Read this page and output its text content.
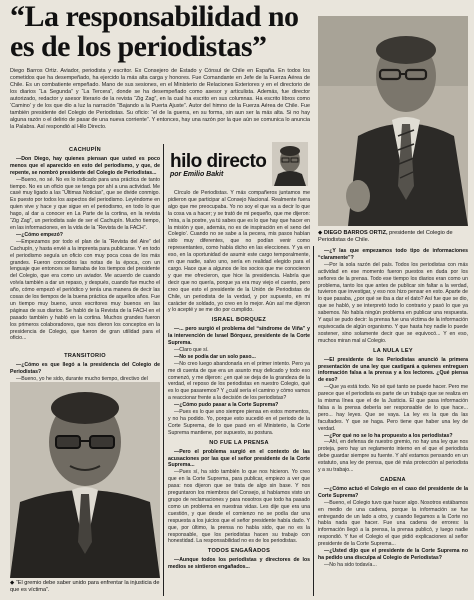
“La responsabilidad no es de los periodistas”
Diego Barros Ortiz. Aviador, periodista y escritor. Ex Consejero de Estado y Cónsul de Chile en España. En todos los cometidos que ha desempeñado, ha ejercido la más alta carga y honores. Fue Comandante en Jefe de la Fuerza Aérea de Chile. Es un combatiente empeñado. Mano de sus sesiones, en el Ministerio de Relaciones Exteriores y en el directorio de los diarios “La Segunda” y “La Tercera”, donde se ha desempeñado como asesor y articulista. Además, fue director autorizado, redactor y asesor literario de la revista “Zig Zag”, en la cual ha escrito en sus columnas. Ha escrito libros como ‘Camino’ y de los que dio a luz la narración “Bajando a la Puerta Ajuste”. Autor del himno de la Fuerza Aérea de Chile. Fue también presidente del Colegio de Periodistas. Su oficio: “el de la guerra, en su forma, sin aun ser la más alta. Si no hay alguna razón o el delirio de pasar de una nueva corriente”. Y entonces, hay una razón por la que aún se comunica lo anuncia la Palabra. Así respondió al Hilo Directo.
◆ DIEGO BARROS ORTIZ, presidente del Colegio de Periodistas de Chile.
hilo directo
por Emilio Bakit
CACHUPÍN

—Don Diego, hay quienes piensan que usted es poco menos que el aparecido en esto del periodismo, y que, de repente, se nombró presidente del Colegio de Periodistas...

—Bueno, no sé. No es lo indicado para una práctica de tanto tiempo. No es un oficio que se tenga por ahí a una actividad. Me casé muy ligado a las “Últimas Noticias”, que se divide conmigo. Es puesto por todos los aspectos del periodismo. Leyéndome en quien vive y hace y que sigue en el periodismo, en todo lo que hago, al dar a conocer en La Parte de la cortina, en la revista “Zig Zag”, un periodista sale de ser el Cachupín. Mucho tiempo, en las informaciones, en la vida de la “Revista de la FACH”.

—¿Cómo empezó?

—Empezamos por todo el plan de la “Revista del Aire” del Cachupín, y hasta envié a la imprenta para publicarse. Y en todo el periodismo seguía un oficio con muy poca cosa de los más grandes. Fueron conocidos las notas de la época, con un lenguaje que entonces se llamaba de los tiempos del presidente del Colegio, que era como un aviador. Me acuerdo de cuando volvía también a dar un repaso, y después, cuando fue mucho el año, cómo empezó el periódico y tenía una manera de decir las cosas de los tiempos de la buena práctica de aquellos años. Fue un tiempo muy bueno, unos escritores muy buenos en las páginas de sus diarios. Se habló de la Revista de la FACH en el pasado también y habló en la cortina. Muchos grandes fueron los primeros colaboradores, que nos dieron los conceptos en la presidencia de Colegio, que fueron de gran utilidad para el oficio...

TRANSITORIO

—¿Cómo es que llegó a la presidencia del Colegio de Periodistas?

—Bueno, yo he sido, durante mucho tiempo, directivo del

◆ “El gremio debe saber unido para enfrentar la injusticia de que es víctima”.

Círculo de Periodistas. Y más compañeros juntamos me pidieron que participar al Consejo Nacional. Realmente fuera algo que me preocupaba. Yo no soy el que va a decir lo que la cosa va a hacer; y se trató de mi pequeño, que me dijeron: ‘mira, a la postre, ya tú sabes que es lo que hay que hacer en la misión y que, además, no es de inspiración en el seno del Colegio’. Cuando no se sabe a la pecera, mis pasos habían sido muy diferentes, que no podían venir como representantes, como había dicho en las elecciones. Y ya en eso, en la oportunidad de asumir este cargo temporalmente, en que nadie, salvo uno, sería en realidad elegido para el cargo. Hace que a algunos de los socios que me conocieron y que me ofrecieron, que hice la presidencia. Habría que decir que no quería, porque ya era muy viejo el cuento, pero creo que esto el presidente de la Unión de Periodistas de Chile, un periodista de la verdad, y por supuesto, en mi carácter de soldado, yo creo en lo mejor. Aún así me dijeron y lo acepté y se me dio por cumplido.

ISRAEL BORQUEZ

—... pero surgió el problema del “síndrome de Viña” y la intervención de Israel Bórquez, presidente de la Corte Suprema.

—Claro que sí.

—No se podía dar un solo paso...

—No creo luego abandonarla en el primer intento. Pero ya me di cuenta de que era un asunto muy delicado y todo eso comenzó, y me dijeron: ¿en qué se deja de la grandeza de la verdad, el reposo de los periodistas en nuestro Colegio, qué es lo que pasaremos? Y ¿cuál sería el camino y cómo vamos a reaccionar frente a la decisión de los periodistas?

—¿Cómo pudo pasar a la Corte Suprema?

—Pues es lo que uno siempre piensa en estos momentos, y no ha podido. Yo, porque esto sucedió en el periodo de la Corte Suprema, de lo que pasó en el Ministerio, la Corte Suprema mantiene, por supuesto, su postura.

NO FUE LA PRENSA

—Pero el problema surgió en el contexto de las acusaciones por las que el señor presidente de la Corte Suprema...

—Pues sí, ha sido también lo que nos hicieron. Yo creo que en la Corte Suprema, para publicar, empiezo a ver que pasa: nos dijeron que se trata de algo sin base. Y nos preguntaron los miembros del Consejo, si habíamos visto un grupo de reclamaciones y para nosotros que todo ha pasado como un problema en nuestras vidas. Les dije que era una cuestión, y que desde el comienzo no se podía dar una respuesta a los juicios que el señor presidente había dado. Y que, por último, la prensa no había sido, que no es la responsable, que los periodistas hacen su trabajo con honestidad. La responsabilidad no es de los periodistas.

TODOS ENGAÑADOS

—Aunque todos los periodistas y directores de los medios se sintieron engañados...

—¿Y las que empezamos todo tipo de informaciones “claramente”?

—Por la sola razón del país. Todos los periodistas con más actividad en ese momento fueron puestos en duda por los señores de la prensa. Todo ese tiempo los diarios eran como un problema, tanto los que antes de publicar sin faltar a la verdad, tuvieron que investigar, y eso nos hizo pensar en esto. Aparte de lo que pasaba, ¿por qué se iba a dar el dato? Así fue que se dio, que se habló, y se interpretó todo lo contrario y pasó lo que ya sabemos. No había ningún problema en publicar una respuesta. Y aquí se pudo decir: la prensa fue una víctima de la información equivocada de algún organismo. Y que hasta hoy nadie lo puede sostener, sino solamente decir que se equivocó... Y en eso, muchos miran mal al Colegio.

LA NULA LEY

—El presidente de los Periodistas anunció la primera presentación de una ley que castigará a quienes entreguen información falsa a la prensa y a los lectores. ¿Qué piensa de eso?

—Que ya está todo. No sé qué tanto se puede hacer. Pero me parece que el periodista es parte de un trabajo que se realiza en la misma línea que el de la Justicia. El que pasa información falsa a la prensa debería ser responsable de lo que hace... pero... hay leyes. Que se vaya. La ley es la que da las facultades. Y que se haga. Pero tiene que haber una ley de verdad.

—¿Por qué no se lo ha propuesto a los periodistas?

—Ahí, en defensa de nuestro gremio, no hay una ley que nos proteja, pero hay un reglamento interno en el que el periodista debe guardar siempre su fuente. Y ahí estamos pensando en un estatuto, una ley de prensa, que dé más protección al periodista y a su trabajo...

CADENA

—¿Cómo actuó el Colegio en el caso del presidente de la Corte Suprema?

—Bueno, el Colegio tuvo que hacer algo. Nosotros estábamos en medio de una cadena, porque la información se fue entregando de un lado a otro, y cuando llegamos a la Corte no había nada que hacer. Fue una cadena de errores: la información llegó a la prensa, la prensa publicó, y luego nadie respondió. Y fue el Colegio el que pidió explicaciones al señor presidente de la Corte Suprema...

—¿Usted dijo que el presidente de la Corte Suprema no ha pedido una disculpa al Colegio de Periodistas?

—No ha sido todavía...
